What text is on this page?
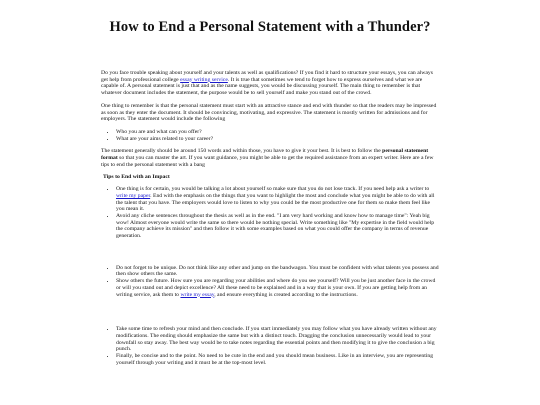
How to End a Personal Statement with a Thunder?

Do you face trouble speaking about yourself and your talents as well as qualifications? If you find it hard to structure your essays, you can always get help from professional college essay writing service. It is true that sometimes we tend to forget how to express ourselves and what we are capable of. A personal statement is just that and as the name suggests, you would be discussing yourself. The main thing to remember is that whatever document includes the statement, the purpose would be to sell yourself and make you stand out of the crowd.

One thing to remember is that the personal statement must start with an attractive stance and end with thunder so that the readers may be impressed as soon as they enter the document. It should be convincing, motivating, and expressive. The statement is mostly written for admissions and for employers. The statement would include the following

• Who you are and what can you offer?
• What are your aims related to your career?

The statement generally should be around 150 words and within those, you have to give it your best. It is best to follow the personal statement format so that you can master the art. If you want guidance, you might be able to get the required assistance from an expert writer. Here are a few tips to end the personal statement with a bang

Tips to End with an Impact
• One thing is for certain, you would be talking a lot about yourself so make sure that you do not lose track. If you need help ask a writer to write my paper. End with the emphasis on the things that you want to highlight the most and conclude what you might be able to do with all the talent that you have. The employers would love to listen to why you could be the most productive one for them so make them feel like you mean it.
• Avoid any cliche sentences throughout the thesis as well as in the end. "I am very hard working and know how to manage time": Yeah big wow! Almost everyone would write the same so there would be nothing special. Write something like "My expertise in the field would help the company achieve its mission" and then follow it with some examples based on what you could offer the company in terms of revenue generation.
• Do not forget to be unique. Do not think like any other and jump on the bandwagon. You must be confident with what talents you possess and then show others the same.
• Show others the future. How sure you are regarding your abilities and where do you see yourself? Will you be just another face in the crowd or will you stand out and depict excellence? All these need to be explained and in a way that is your own. If you are getting help from an writing service, ask them to write my essay, and ensure everything is created according to the instructions.
• Take some time to refresh your mind and then conclude. If you start immediately you may follow what you have already written without any modifications. The ending should emphasize the same but with a distinct touch. Dragging the conclusion unnecessarily would lead to your downfall so stay away. The best way would be to take notes regarding the essential points and then modifying it to give the conclusion a big punch.
• Finally, be concise and to the point. No need to be cute in the end and you should mean business. Like in an interview, you are representing yourself through your writing and it must be at the top-most level.
